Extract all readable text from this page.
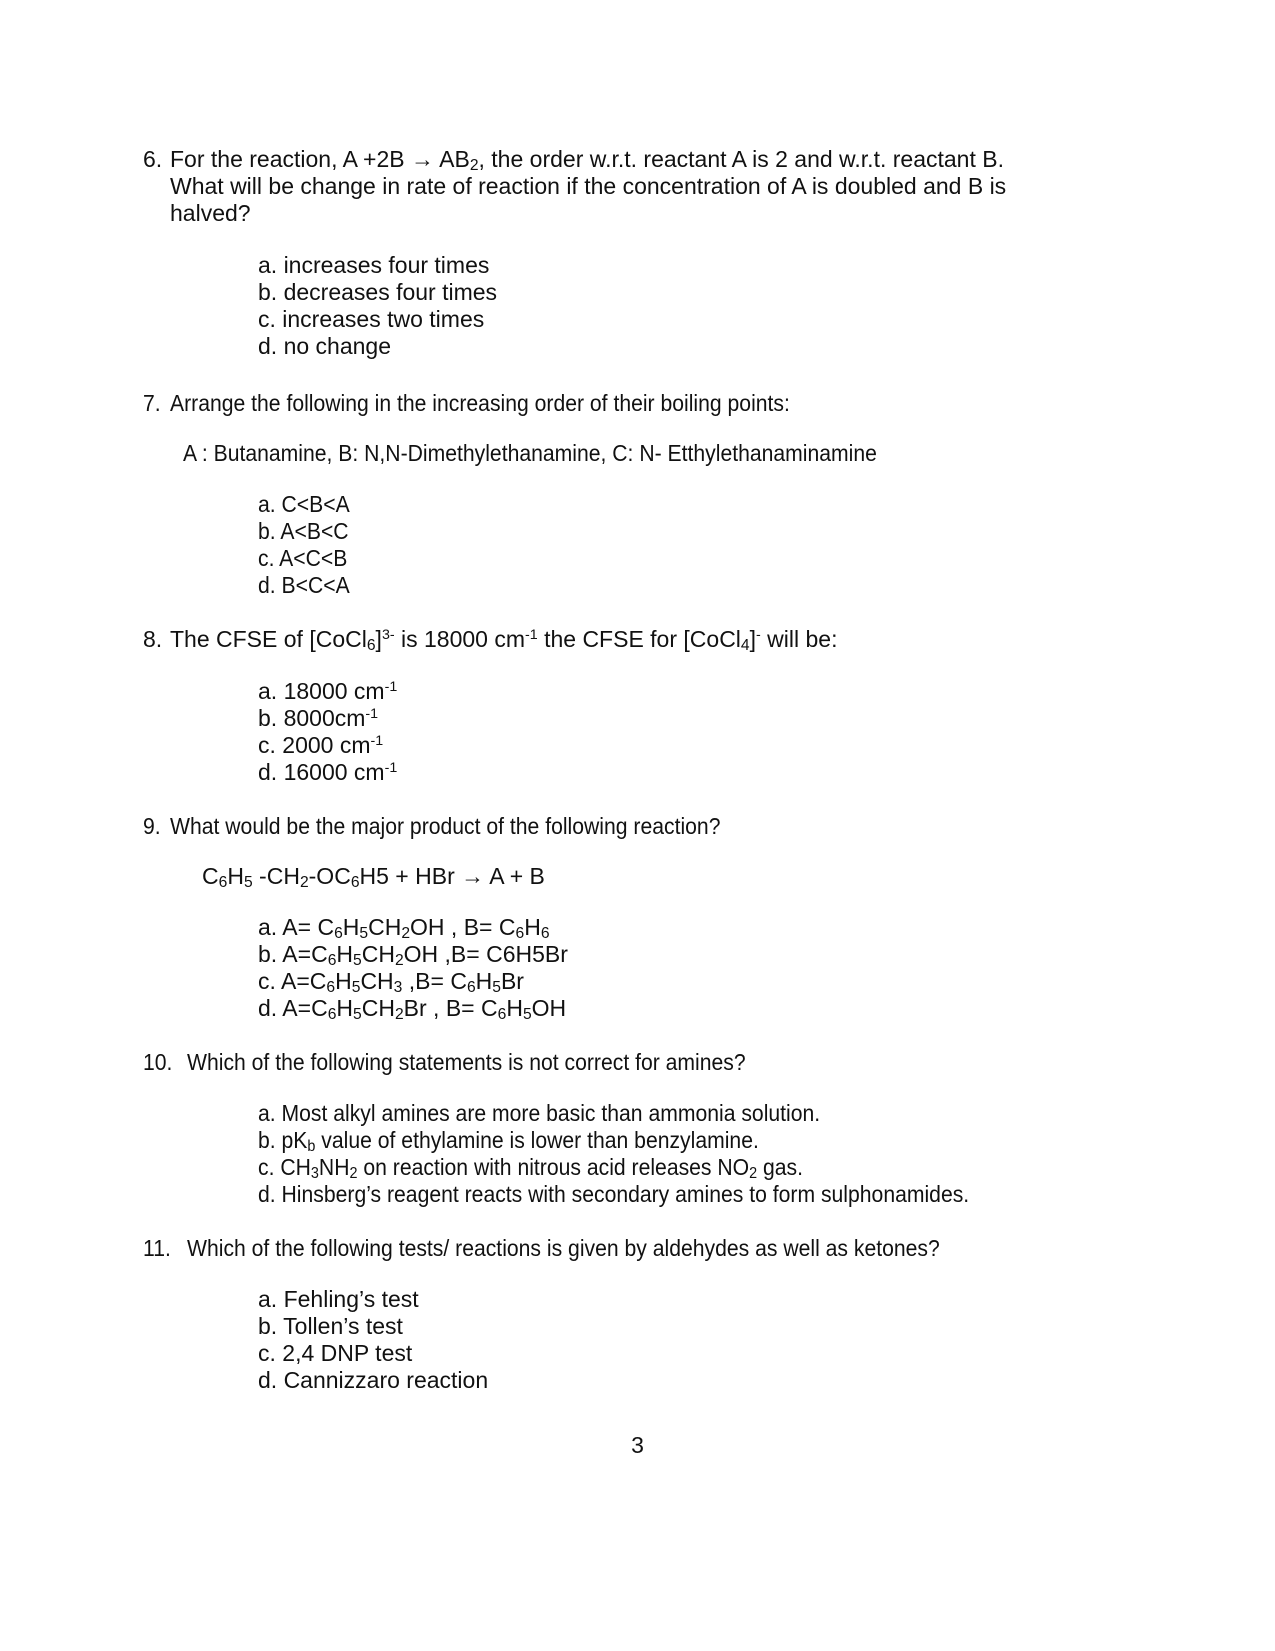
6. For the reaction, $A +2B \to AB_2$, the order w.r.t. reactant A is 2 and w.r.t. reactant B.
What will be change in rate of reaction if the concentration of A is doubled and B is
halved?
a. increases four times
b. decreases four times
c. increases two times
d. no change
7. Arrange the following in the increasing order of their boiling points:
A : Butanamine, B: N,N-Dimethylethanamine, C: N- Etthylethanaminamine
a. C<B<A
b. A<B<C
c. A<C<B
d. B<C<A
8. The CFSE of [CoCl$_6$]$^{3-}$ is 18000 $cm^{-1}$ the CFSE for [CoCl$_4$]- will be:
a. 18000 $cm^{-1}$
b. $8000cm^{-1}$
c. 2000 $cm^{-1}$
d. 16000 $cm^{-1}$
9. What would be the major product of the following reaction?
$C_6H_5$ $-CH_2-OC_6H5$ + HBr → A + B
a. $A= C_6H_5CH_2OH$ , $B= C_6H_6$
b. $A=C_6H_5CH_2OH$ ,B= C6H5Br
c. $A=C_6H_5CH_3$ $,B= C_6H_5Br$
d. $A=C_6H_5CH_2Br$ , $B= C_6H_5OH$
10. Which of the following statements is not correct for amines?
a. Most alkyl amines are more basic than ammonia solution.
b. $pK_b$ value of ethylamine is lower than benzylamine.
c. $CH_3NH_2$ on reaction with nitrous acid releases $NO_2$ gas.
d. Hinsberg’s reagent reacts with secondary amines to form sulphonamides.
11. Which of the following tests/ reactions is given by aldehydes as well as ketones?
a. Fehling’s test
b. Tollen’s test
c. 2,4 DNP test
d. Cannizzaro reaction
3
